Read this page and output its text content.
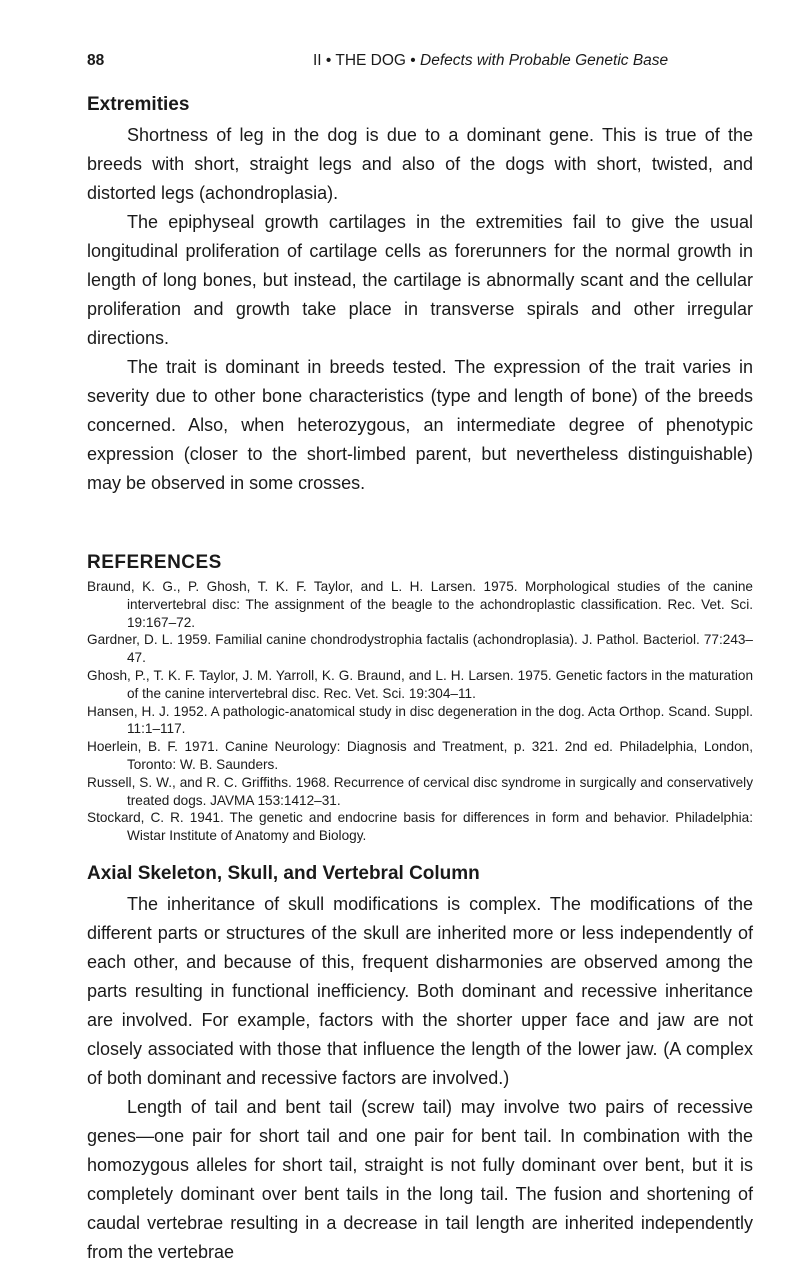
88	II • THE DOG • Defects with Probable Genetic Base
Extremities

Shortness of leg in the dog is due to a dominant gene. This is true of the breeds with short, straight legs and also of the dogs with short, twisted, and distorted legs (achondroplasia).

The epiphyseal growth cartilages in the extremities fail to give the usual longitudinal proliferation of cartilage cells as forerunners for the normal growth in length of long bones, but instead, the cartilage is abnormally scant and the cellular proliferation and growth take place in transverse spirals and other irregular directions.

The trait is dominant in breeds tested. The expression of the trait varies in severity due to other bone characteristics (type and length of bone) of the breeds concerned. Also, when heterozygous, an intermediate degree of phenotypic expression (closer to the short-limbed parent, but nevertheless distinguishable) may be observed in some crosses.

REFERENCES
Braund, K. G., P. Ghosh, T. K. F. Taylor, and L. H. Larsen. 1975. Morphological studies of the canine intervertebral disc: The assignment of the beagle to the achondroplastic classification. Rec. Vet. Sci. 19:167–72.
Gardner, D. L. 1959. Familial canine chondrodystrophia factalis (achondroplasia). J. Pathol. Bacteriol. 77:243–47.
Ghosh, P., T. K. F. Taylor, J. M. Yarroll, K. G. Braund, and L. H. Larsen. 1975. Genetic factors in the maturation of the canine intervertebral disc. Rec. Vet. Sci. 19:304–11.
Hansen, H. J. 1952. A pathologic-anatomical study in disc degeneration in the dog. Acta Orthop. Scand. Suppl. 11:1–117.
Hoerlein, B. F. 1971. Canine Neurology: Diagnosis and Treatment, p. 321. 2nd ed. Philadelphia, London, Toronto: W. B. Saunders.
Russell, S. W., and R. C. Griffiths. 1968. Recurrence of cervical disc syndrome in surgically and conservatively treated dogs. JAVMA 153:1412–31.
Stockard, C. R. 1941. The genetic and endocrine basis for differences in form and behavior. Philadelphia: Wistar Institute of Anatomy and Biology.
Axial Skeleton, Skull, and Vertebral Column

The inheritance of skull modifications is complex. The modifications of the different parts or structures of the skull are inherited more or less independently of each other, and because of this, frequent disharmonies are observed among the parts resulting in functional inefficiency. Both dominant and recessive inheritance are involved. For example, factors with the shorter upper face and jaw are not closely associated with those that influence the length of the lower jaw. (A complex of both dominant and recessive factors are involved.)

Length of tail and bent tail (screw tail) may involve two pairs of recessive genes—one pair for short tail and one pair for bent tail. In combination with the homozygous alleles for short tail, straight is not fully dominant over bent, but it is completely dominant over bent tails in the long tail. The fusion and shortening of caudal vertebrae resulting in a decrease in tail length are inherited independently from the vertebrae
